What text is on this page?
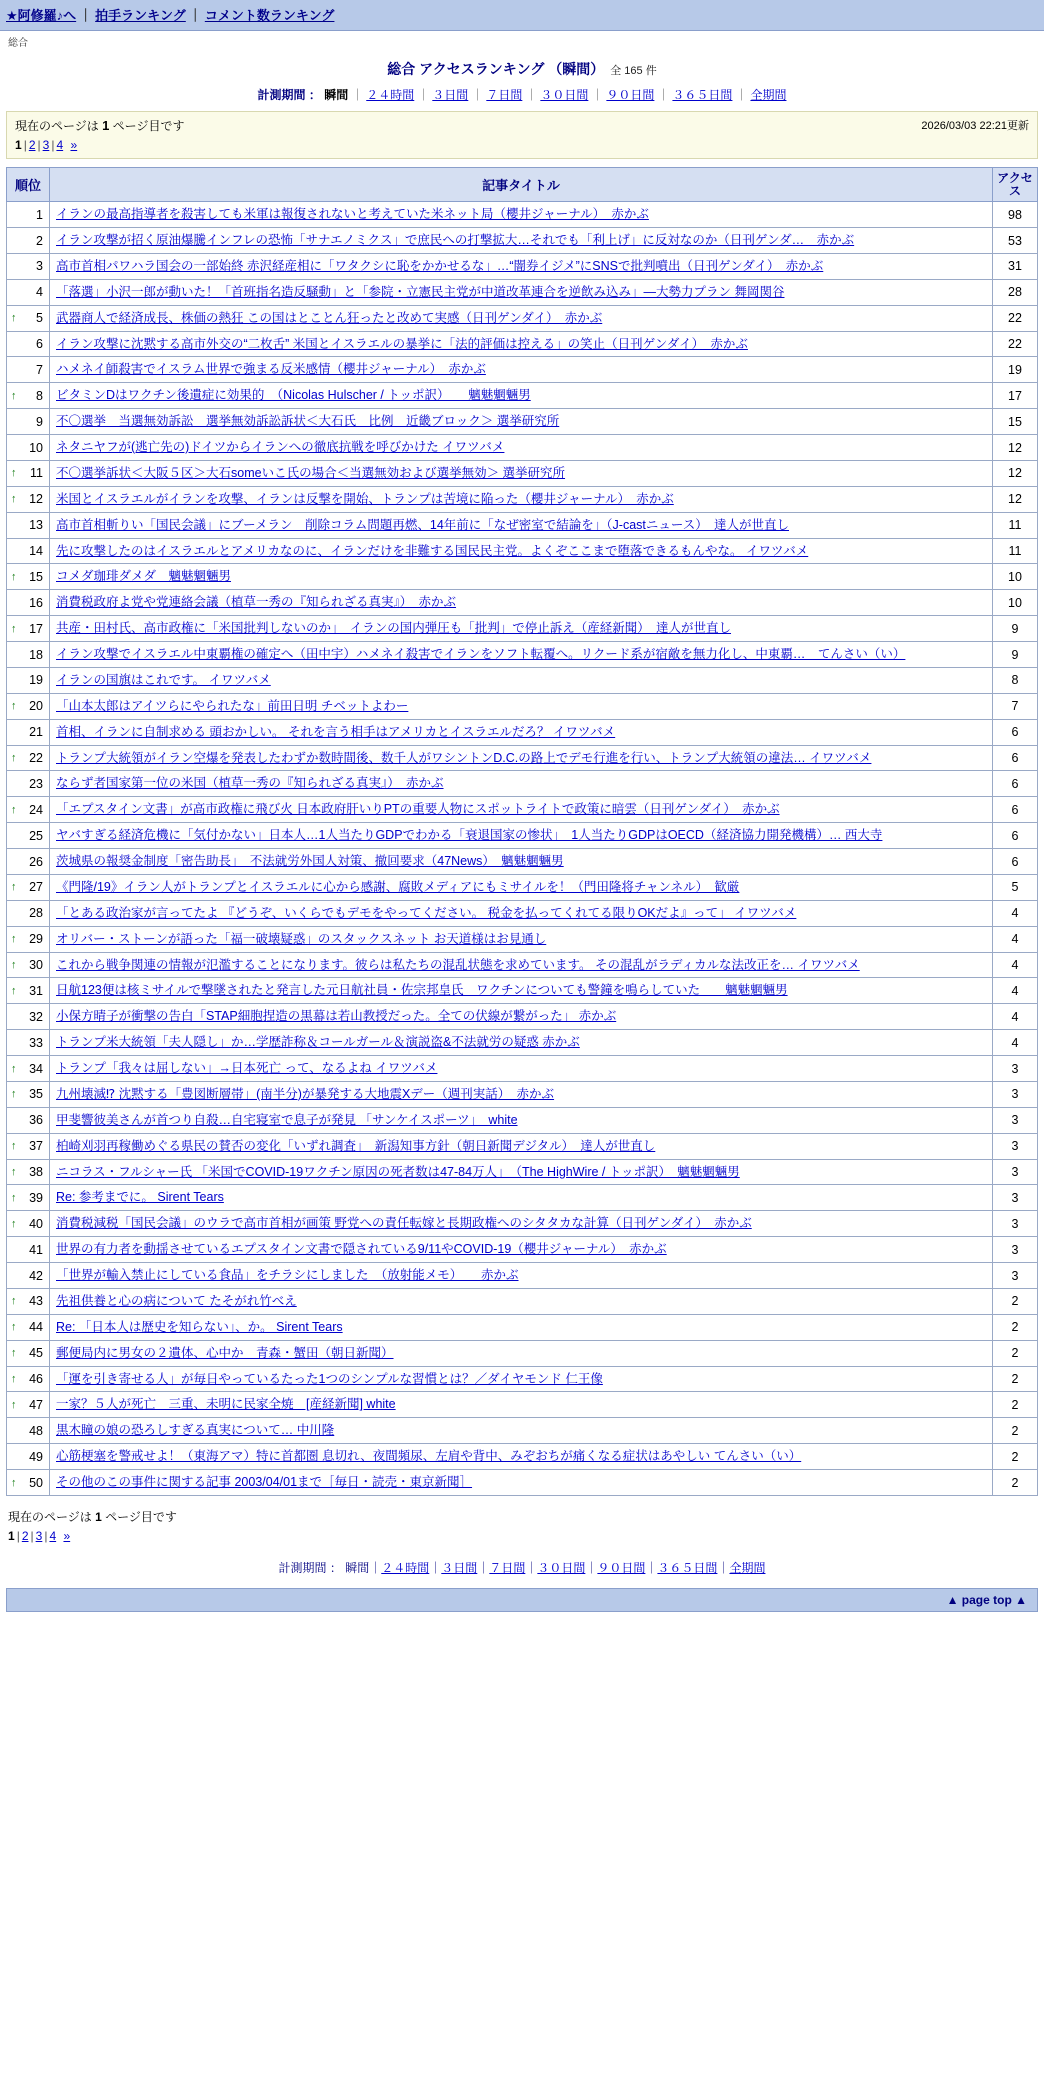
★阿修羅♪へ ｜ 拍手ランキング ｜ コメント数ランキング
総合
総合 アクセスランキング （瞬間） 全 165 件
計測期間 ： 瞬間 ｜ ２４時間 ｜ ３日間 ｜ ７日間 ｜ ３０日間 ｜ ９０日間 ｜ ３６５日間 ｜ 全期間
2026/03/03 22:21更新
現在のページは 1 ページ目です
1 | 2 | 3 | 4 »
順位	記事タイトル	アクセス
1	イランの最高指導者を殺害しても米軍は報復されないと考えていた米ネット局（櫻井ジャーナル）　赤かぶ	98
2	イラン攻撃が招く原油爆騰インフレの恐怖「サナエノミクス」で庶民への打撃拡大…それでも「利上げ」に反対なのか（日刊ゲンダ…　赤かぶ	53
3	高市首相パワハラ国会の一部始終 赤沢経産相に「ワタクシに恥をかかせるな」…“闇券イジメ”にSNSで批判噴出（日刊ゲンダイ）　赤かぶ	31
4	「落選」小沢一郎が動いた！「首班指名造反騒動」と「参院・立憲民主党が中道改革連合を逆飲み込み」―大勢力プラン 舞岡関谷	28

↑ 5	武器商人で経済成長、株価の熱狂 この国はとことん狂ったと改めて実感（日刊ゲンダイ）　赤かぶ	22
6	イラン攻撃に沈黙する高市外交の“二枚舌” 米国とイスラエルの暴挙に「法的評価は控える」の笑止（日刊ゲンダイ）　赤かぶ	22
7	ハメネイ師殺害でイスラム世界で強まる反米感情（櫻井ジャーナル）　赤かぶ	19

↑ 8	ビタミンDはワクチン後遺症に効果的　（Nicolas Hulscher / トッポ訳）　　魑魅魍魎男	17
9	不〇選挙　当選無効訴訟　選挙無効訴訟訴状＜大石氏　比例　近畿ブロック＞ 選挙研究所	15
10	ネタニヤフが(逃亡先の)ドイツからイランへの徹底抗戦を呼びかけた イワツバメ	12

↑ 11	不〇選挙訴状＜大阪５区＞大石someいこ氏の場合＜当選無効および選挙無効＞ 選挙研究所	12

↑ 12	米国とイスラエルがイランを攻撃、イランは反撃を開始、トランプは苦境に陥った（櫻井ジャーナル）　赤かぶ	12
13	高市首相斬りい「国民会議」にブーメラン　削除コラム問題再燃、14年前に「なぜ密室で結論を」（J-castニュース）　達人が世直し	11
14	先に攻撃したのはイスラエルとアメリカなのに、イランだけを非難する国民民主党。よくぞここまで堕落できるもんやな。 イワツバメ	11

↑ 15	コメダ珈琲ダメダ　魑魅魍魎男	10
16	消費税政府よ党や党連絡会議（植草一秀の『知られざる真実』）　赤かぶ	10

↑ 17	共産・田村氏、高市政権に「米国批判しないのか」　イランの国内弾圧も「批判」で停止訴え（産経新聞）　達人が世直し	9
18	イラン攻撃でイスラエル中東覇権の確定へ（田中宇）ハメネイ殺害でイランをソフト転覆へ。リクード系が宿敵を無力化し、中東覇…　てんさい（い）	9
19	イランの国旗はこれです。 イワツバメ	8

↑ 20	「山本太郎はアイツらにやられたな」前田日明 チベットよわー	7
21	首相、イランに自制求める 頭おかしい。 それを言う相手はアメリカとイスラエルだろ？ イワツバメ	6

↑ 22	トランプ大統領がイラン空爆を発表したわずか数時間後、数千人がワシントンD.C.の路上でデモ行進を行い、トランプ大統領の違法… イワツバメ	6
23	ならず者国家第一位の米国（植草一秀の『知られざる真実』）　赤かぶ	6

↑ 24	「エプスタイン文書」が高市政権に飛び火 日本政府肝いりPTの重要人物にスポットライトで政策に暗雲（日刊ゲンダイ）　赤かぶ	6
25	ヤバすぎる経済危機に「気付かない」日本人…1人当たりGDPでわかる「衰退国家の惨状」　1人当たりGDPはOECD（経済協力開発機構）… 西大寺	6
26	茨城県の報奨金制度「密告助長」　不法就労外国人対策、撤回要求（47News）　魑魅魍魎男	6

↑ 27	《門隆/19》イラン人がトランプとイスラエルに心から感謝、腐敗メディアにもミサイルを！（門田隆将チャンネル）　歓厳	5
28	「とある政治家が言ってたよ 『どうぞ、いくらでもデモをやってください。 税金を払ってくれてる限りOKだよ』って」 イワツバメ	4

↑ 29	オリバー・ストーンが語った「福一破壊疑惑」のスタックスネット お天道様はお見通し	4

↑ 30	これから戦争関連の情報が氾濫することになります。彼らは私たちの混乱状態を求めています。 その混乱がラディカルな法改正を… イワツバメ	4

↑ 31	日航123便は核ミサイルで撃墜されたと発言した元日航社員・佐宗邦皇氏　ワクチンについても警鐘を鳴らしていた　　魑魅魍魎男	4
32	小保方晴子が衝撃の告白「STAP細胞捏造の黒幕は若山教授だった。全ての伏線が繋がった」 赤かぶ	4
33	トランプ米大統領「夫人隠し」か…学歴詐称＆コールガール＆演説盗&不法就労の疑惑 赤かぶ	4

↑ 34	トランプ「我々は屈しない」→日本死亡 って、なるよね イワツバメ	3

↑ 35	九州壊滅⁉ 沈黙する「豊図断層帯」(南半分)が暴発する大地震Xデー（週刊実話）　赤かぶ	3
36	甲斐響彼美さんが首つり自殺…自宅寝室で息子が発見 「サンケイスポーツ」　white	3

↑ 37	柏崎刈羽再稼働めぐる県民の賛否の変化「いずれ調査」　新潟知事方針（朝日新聞デジタル）　達人が世直し	3

↑ 38	ニコラス・フルシャー氏 「米国でCOVID-19ワクチン原因の死者数は47-84万人」　（The HighWire / トッポ訳）　魑魅魍魎男	3

↑ 39	Re: 参考までに。 Sirent Tears	3

↑ 40	消費税減税「国民会議」のウラで高市首相が画策 野党への責任転嫁と長期政権へのシタタカな計算（日刊ゲンダイ）　赤かぶ	3
41	世界の有力者を動揺させているエプスタイン文書で隠されている9/11やCOVID-19（櫻井ジャーナル）　赤かぶ	3
42	「世界が輸入禁止にしている食品」をチラシにしました　（放射能メモ）　　赤かぶ	3

↑ 43	先祖供養と心の病について たそがれ竹べえ	2

↑ 44	Re: 「日本人は歴史を知らない」、か。 Sirent Tears	2

↑ 45	郵便局内に男女の２遺体、心中か　青森・蟹田（朝日新聞）	2

↑ 46	「運を引き寄せる人」が毎日やっているたった1つのシンプルな習慣とは？／ダイヤモンド 仁王像	2

↑ 47	一家？５人が死亡　三重、未明に民家全焼　[産経新聞] white	2
48	黒木瞳の娘の恐ろしすぎる真実について… 中川隆	2
49	心筋梗塞を警戒せよ！（東海アマ）特に首都圏 息切れ、夜間頻尿、左肩や背中、みぞおちが痛くなる症状はあやしい てんさい（い）	2

↑ 50	その他のこの事件に関する記事 2003/04/01まで［毎日・読売・東京新聞］	2
現在のページは 1 ページ目です
1 | 2 | 3 | 4 »
計測期間 ： 瞬間｜２４時間｜３日間｜７日間｜３０日間｜９０日間｜３６５日間｜全期間
▲ page top ▲
